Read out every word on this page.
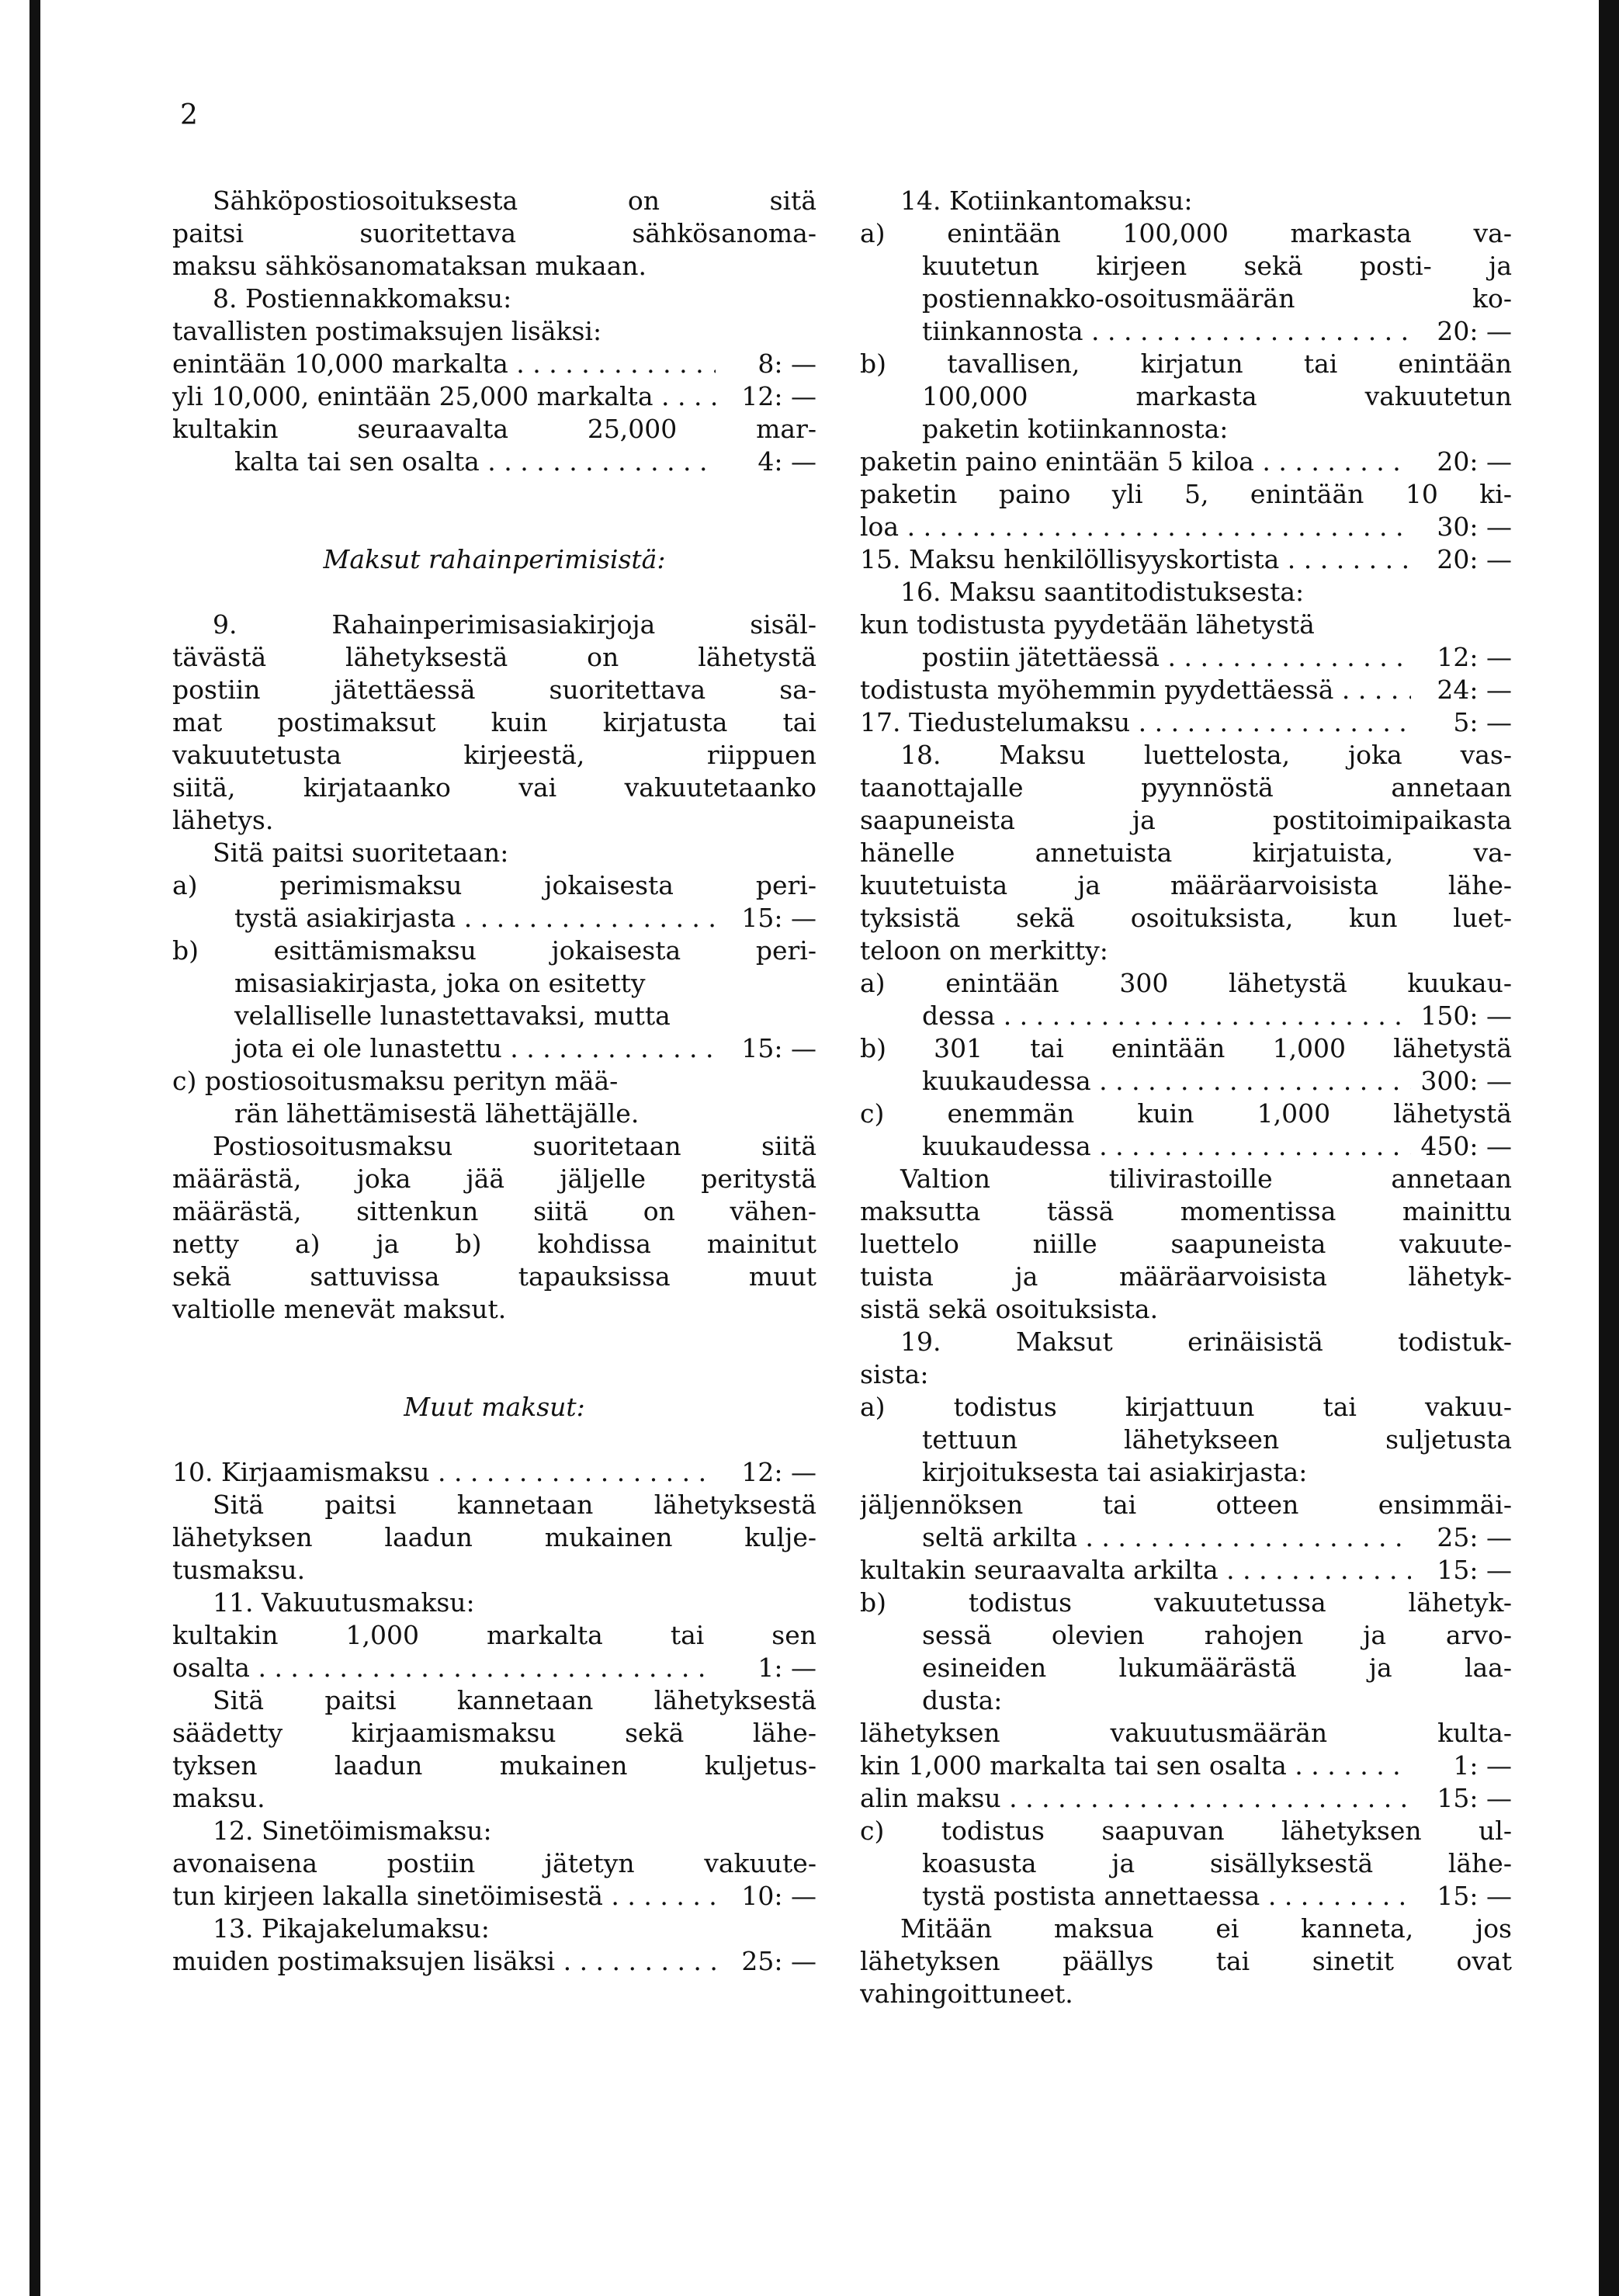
2
Sähköpostiosoituksesta on sitä
paitsi suoritettava sähkösanoma-
maksu sähkösanomataksan mukaan.
8. Postiennakkomaksu:
tavallisten postimaksujen lisäksi:
enintään 10,000 markalta . . .	8: —
yli 10,000, enintään 25,000 markalta . . .	12: —
kultakin seuraavalta 25,000 mar-
kalta tai sen osalta . . .	4: —
Maksut rahainperimisistä:
9. Rahainperimisasiakirjoja sisäl-
tävästä lähetyksestä on lähetystä
postiin jätettäessä suoritettava sa-
mat postimaksut kuin kirjatusta tai
vakuutetusta kirjeestä, riippuen
siitä, kirjataanko vai vakuutetaanko
lähetys.
Sitä paitsi suoritetaan:
a) perimismaksu jokaisesta peri-
tystä asiakirjasta . . .	15: —
b) esittämismaksu jokaisesta peri-
misasiakirjasta, joka on esitetty
velalliselle lunastettavaksi, mutta
jota ei ole lunastettu . . .	15: —
c) postiosoitusmaksu perityn mää-
rän lähettämisestä lähettäjälle.
Postiosoitusmaksu suoritetaan siitä
määrästä, joka jää jäljelle peritystä
määrästä, sittenkun siitä on vähen-
netty a) ja b) kohdissa mainitut
sekä sattuvissa tapauksissa muut
valtiolle menevät maksut.
Muut maksut:
10. Kirjaamismaksu . . .	12: —
Sitä paitsi kannetaan lähetyksestä
lähetyksen laadun mukainen kulje-
tusmaksu.
11. Vakuutusmaksu:
kultakin 1,000 markalta tai sen
osalta . . .	1: —
Sitä paitsi kannetaan lähetyksestä
säädetty kirjaamismaksu sekä lähe-
tyksen laadun mukainen kuljetus-
maksu.
12. Sinetöimismaksu:
avonaisena postiin jätetyn vakuute-
tun kirjeen lakalla sinetöimisestä . . .	10: —
13. Pikajakelumaksu:
muiden postimaksujen lisäksi . . .	25: —
14. Kotiinkantomaksu:
a) enintään 100,000 markasta va-
kuutetun kirjeen sekä posti- ja
postiennakko-osoitusmäärän ko-
tiinkannosta . . .	20: —
b) tavallisen, kirjatun tai enintään
100,000 markasta vakuutetun
paketin kotiinkannosta:
paketin paino enintään 5 kiloa . . .	20: —
paketin paino yli 5, enintään 10 ki-
loa . . .	30: —
15. Maksu henkilöllisyyskortista . . .	20: —
16. Maksu saantitodistuksesta:
kun todistusta pyydetään lähetystä
postiin jätettäessä . . .	12: —
todistusta myöhemmin pyydettäessä . . .	24: —
17. Tiedustelumaksu . . .	5: —
18. Maksu luettelosta, joka vas-
taanottajalle pyynnöstä annetaan
saapuneista ja postitoimipaikasta
hänelle annetuista kirjatuista, va-
kuutetuista ja määräarvoisista lähe-
tyksistä sekä osoituksista, kun luet-
teloon on merkitty:
a) enintään 300 lähetystä kuukau-
dessa . . .	150: —
b) 301 tai enintään 1,000 lähetystä
kuukaudessa . . .	300: —
c) enemmän kuin 1,000 lähetystä
kuukaudessa . . .	450: —
Valtion tilivirastoille annetaan
maksutta tässä momentissa mainittu
luettelo niille saapuneista vakuute-
tuista ja määräarvoisista lähetyk-
sistä sekä osoituksista.
19. Maksut erinäisistä todistuk-
sista:
a) todistus kirjattuun tai vakuu-
tettuun lähetykseen suljetusta
kirjoituksesta tai asiakirjasta:
jäljennöksen tai otteen ensimmäi-
seltä arkilta . . .	25: —
kultakin seuraavalta arkilta . . .	15: —
b) todistus vakuutetussa lähetyk-
sessä olevien rahojen ja arvo-
esineiden lukumäärästä ja laa-
dusta:
lähetyksen vakuutusmäärän kulta-
kin 1,000 markalta tai sen osalta . . .	1: —
alin maksu . . .	15: —
c) todistus saapuvan lähetyksen ul-
koasusta ja sisällyksestä lähe-
tystä postista annettaessa . . .	15: —
Mitään maksua ei kanneta, jos
lähetyksen päällys tai sinetit ovat
vahingoittuneet.
